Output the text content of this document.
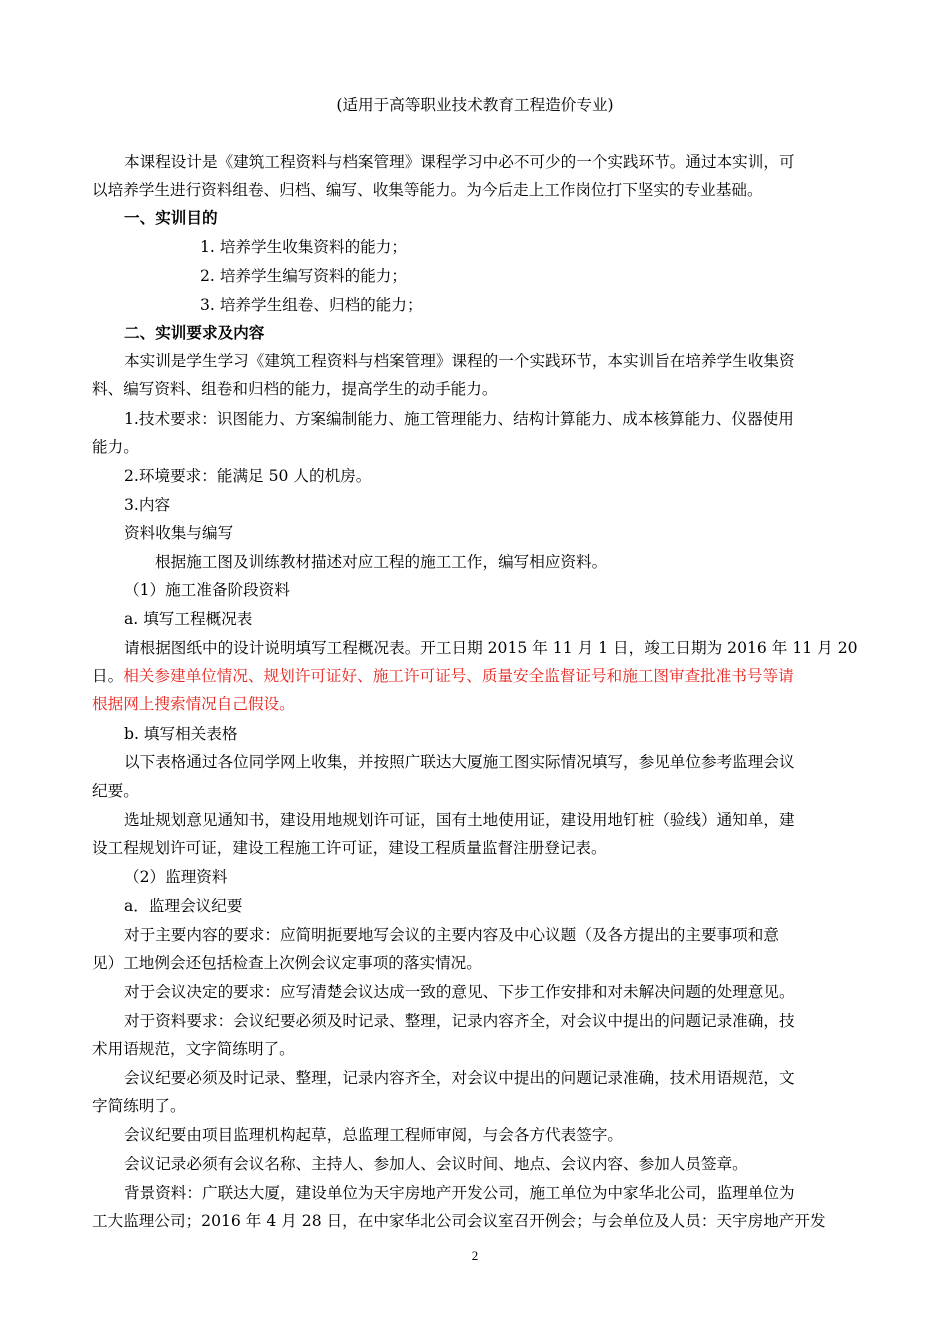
(适用于高等职业技术教育工程造价专业)
本课程设计是《建筑工程资料与档案管理》课程学习中必不可少的一个实践环节。通过本实训，可
以培养学生进行资料组卷、归档、编写、收集等能力。为今后走上工作岗位打下坚实的专业基础。
一、实训目的
1. 培养学生收集资料的能力；
2. 培养学生编写资料的能力；
3. 培养学生组卷、归档的能力；
二、实训要求及内容
本实训是学生学习《建筑工程资料与档案管理》课程的一个实践环节，本实训旨在培养学生收集资
料、编写资料、组卷和归档的能力，提高学生的动手能力。
1.技术要求：识图能力、方案编制能力、施工管理能力、结构计算能力、成本核算能力、仪器使用
能力。
2.环境要求：能满足 50 人的机房。
3.内容
资料收集与编写
根据施工图及训练教材描述对应工程的施工工作，编写相应资料。
（1）施工准备阶段资料
a. 填写工程概况表
请根据图纸中的设计说明填写工程概况表。开工日期 2015 年 11 月 1 日，竣工日期为 2016 年 11 月 20
日。相关参建单位情况、规划许可证好、施工许可证号、质量安全监督证号和施工图审查批准书号等请
根据网上搜索情况自己假设。
b. 填写相关表格
以下表格通过各位同学网上收集，并按照广联达大厦施工图实际情况填写，参见单位参考监理会议
纪要。
选址规划意见通知书，建设用地规划许可证，国有土地使用证，建设用地钉桩（验线）通知单，建
设工程规划许可证，建设工程施工许可证，建设工程质量监督注册登记表。
（2）监理资料
a．监理会议纪要
对于主要内容的要求：应简明扼要地写会议的主要内容及中心议题（及各方提出的主要事项和意
见）工地例会还包括检查上次例会议定事项的落实情况。
对于会议决定的要求：应写清楚会议达成一致的意见、下步工作安排和对未解决问题的处理意见。
对于资料要求：会议纪要必须及时记录、整理，记录内容齐全，对会议中提出的问题记录准确，技
术用语规范，文字简练明了。
会议纪要必须及时记录、整理，记录内容齐全，对会议中提出的问题记录准确，技术用语规范，文
字简练明了。
会议纪要由项目监理机构起草，总监理工程师审阅，与会各方代表签字。
会议记录必须有会议名称、主持人、参加人、会议时间、地点、会议内容、参加人员签章。
背景资料：广联达大厦，建设单位为天宇房地产开发公司，施工单位为中家华北公司，监理单位为
工大监理公司；2016 年 4 月 28 日，在中家华北公司会议室召开例会；与会单位及人员：天宇房地产开发
2
